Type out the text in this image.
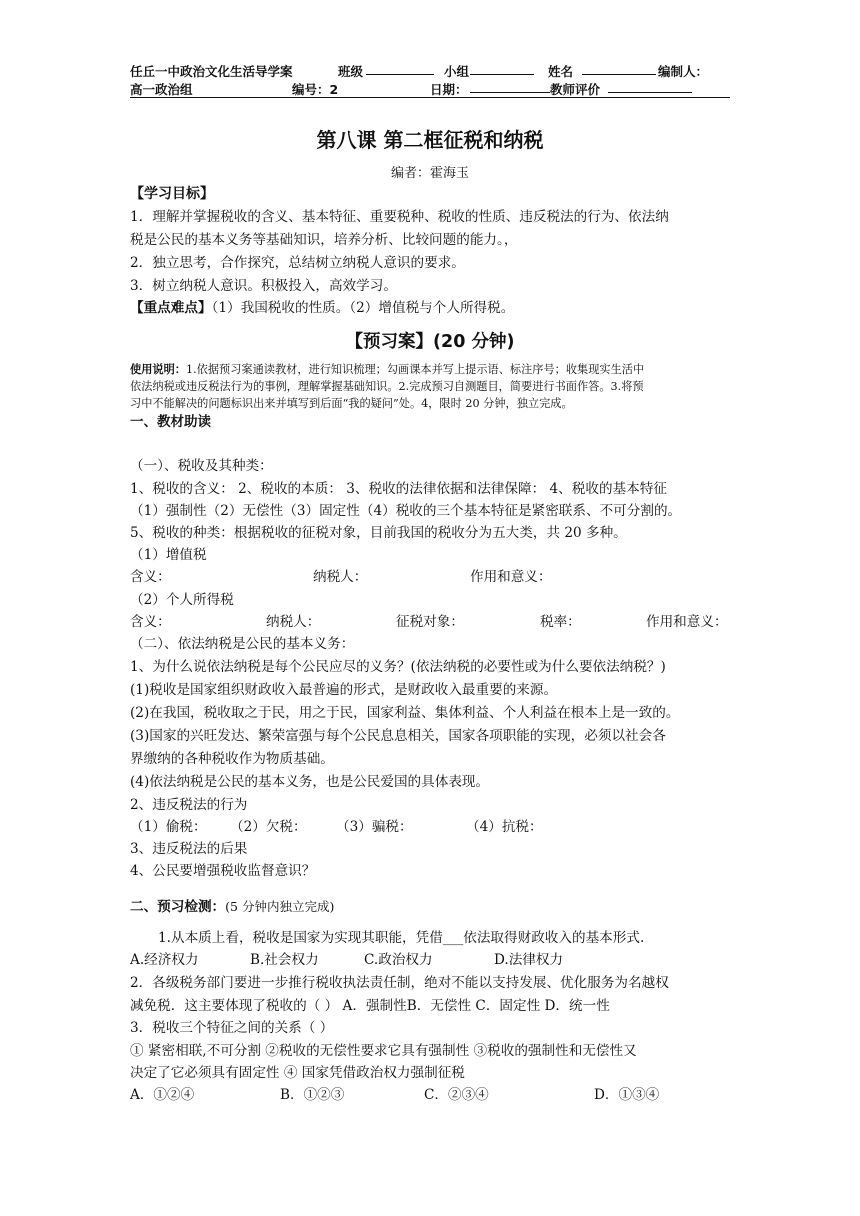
任丘一中政治文化生活导学案	班级	小组	姓名	编制人：
高一政治组	编号：2	日期：	教师评价
第八课 第二框征税和纳税
编者：霍海玉
【学习目标】
1．理解并掌握税收的含义、基本特征、重要税种、税收的性质、违反税法的行为、依法纳
税是公民的基本义务等基础知识，培养分析、比较问题的能力。，
2．独立思考，合作探究，总结树立纳税人意识的要求。
3．树立纳税人意识。积极投入，高效学习。
【重点难点】（1）我国税收的性质。（2）增值税与个人所得税。
【预习案】(20 分钟)
使用说明：1.依据预习案通读教材，进行知识梳理；勾画课本并写上提示语、标注序号；收集现实生活中
依法纳税或违反税法行为的事例，理解掌握基础知识。2.完成预习自测题目，简要进行书面作答。3.将预
习中不能解决的问题标识出来并填写到后面“我的疑问”处。4，限时 20 分钟，独立完成。
一、教材助读
（一）、税收及其种类：
1、税收的含义： 2、税收的本质： 3、税收的法律依据和法律保障： 4、税收的基本特征
（1）强制性（2）无偿性（3）固定性（4）税收的三个基本特征是紧密联系、不可分割的。
5、税收的种类：根据税收的征税对象，目前我国的税收分为五大类，共 20 多种。
（1）增值税
含义：	纳税人：	作用和意义：
（2）个人所得税
含义：	纳税人：	征税对象：	税率：	作用和意义：
（二）、依法纳税是公民的基本义务：
1、为什么说依法纳税是每个公民应尽的义务？(依法纳税的必要性或为什么要依法纳税？)
(1)税收是国家组织财政收入最普遍的形式，是财政收入最重要的来源。
(2)在我国，税收取之于民，用之于民，国家利益、集体利益、个人利益在根本上是一致的。
(3)国家的兴旺发达、繁荣富强与每个公民息息相关，国家各项职能的实现，必须以社会各
界缴纳的各种税收作为物质基础。
(4)依法纳税是公民的基本义务，也是公民爱国的具体表现。
2、违反税法的行为
（1）偷税： （2）欠税： （3）骗税：	（4）抗税：
3、违反税法的后果
4、公民要增强税收监督意识？
二、预习检测：(5 分钟内独立完成)
1.从本质上看，税收是国家为实现其职能，凭借___依法取得财政收入的基本形式.
A.经济权力	B.社会权力	C.政治权力	D.法律权力
2．各级税务部门要进一步推行税收执法责任制，绝对不能以支持发展、优化服务为名越权
减免税．这主要体现了税收的（ ） A．强制性B．无偿性 C．固定性 D．统一性
3．税收三个特征之间的关系（ ）
① 紧密相联,不可分割 ②税收的无偿性要求它具有强制性 ③税收的强制性和无偿性又
决定了它必须具有固定性 ④ 国家凭借政治权力强制征税
A．①②④	B．①②③	C．②③④	D．①③④
